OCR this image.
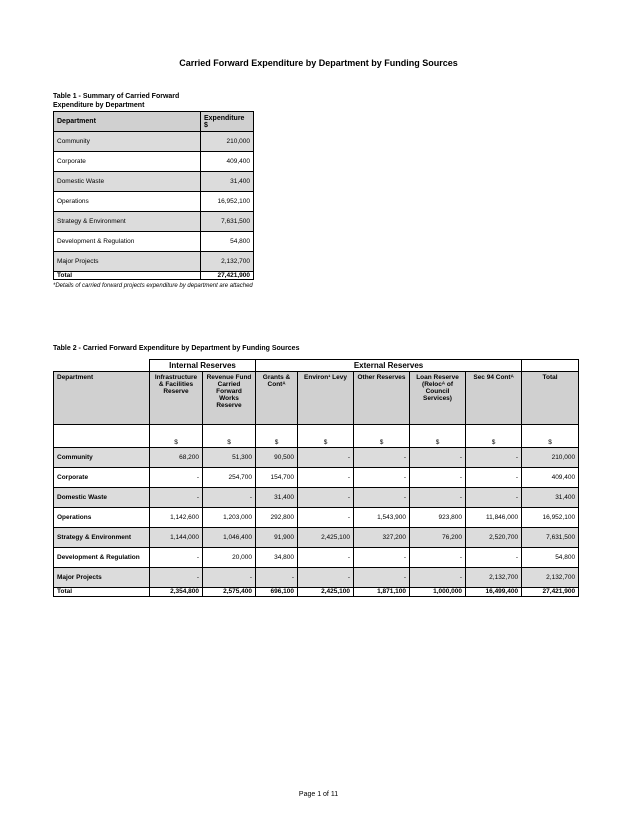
Carried Forward Expenditure by Department by Funding Sources
Table 1 - Summary of Carried Forward
Expenditure by Department
Department	Expenditure $
Community	210,000
Corporate	409,400
Domestic Waste	31,400
Operations	16,952,100
Strategy & Environment	7,631,500
Development & Regulation	54,800
Major Projects	2,132,700
Total	27,421,900
*Details of carried forward projects expenditure by department are attached
Table 2 - Carried Forward Expenditure by Department by Funding Sources
	Internal Reserves		External Reserves					
Department	Infrastructure & Facilities Reserve	Revenue Fund Carried Forward Works Reserve	Grants & Contᴬ	Environ¹ Levy	Other Reserves	Loan Reserve (Relocᴬ of Council Services)	Sec 94 Contᴬ	Total

	$	$	$	$	$	$	$	$
Community	68,200	51,300	90,500	-	-	-	-	210,000
Corporate	-	254,700	154,700	-	-	-	-	409,400
Domestic Waste	-	-	31,400	-	-	-	-	31,400
Operations	1,142,600	1,203,000	292,800	-	1,543,900	923,800	11,846,000	16,952,100
Strategy & Environment	1,144,000	1,046,400	91,900	2,425,100	327,200	76,200	2,520,700	7,631,500
Development & Regulation	-	20,000	34,800	-	-	-	-	54,800
Major Projects	-	-	-	-	-	-	2,132,700	2,132,700
Total	2,354,800	2,575,400	696,100	2,425,100	1,871,100	1,000,000	16,499,400	27,421,900
Page 1 of 11
